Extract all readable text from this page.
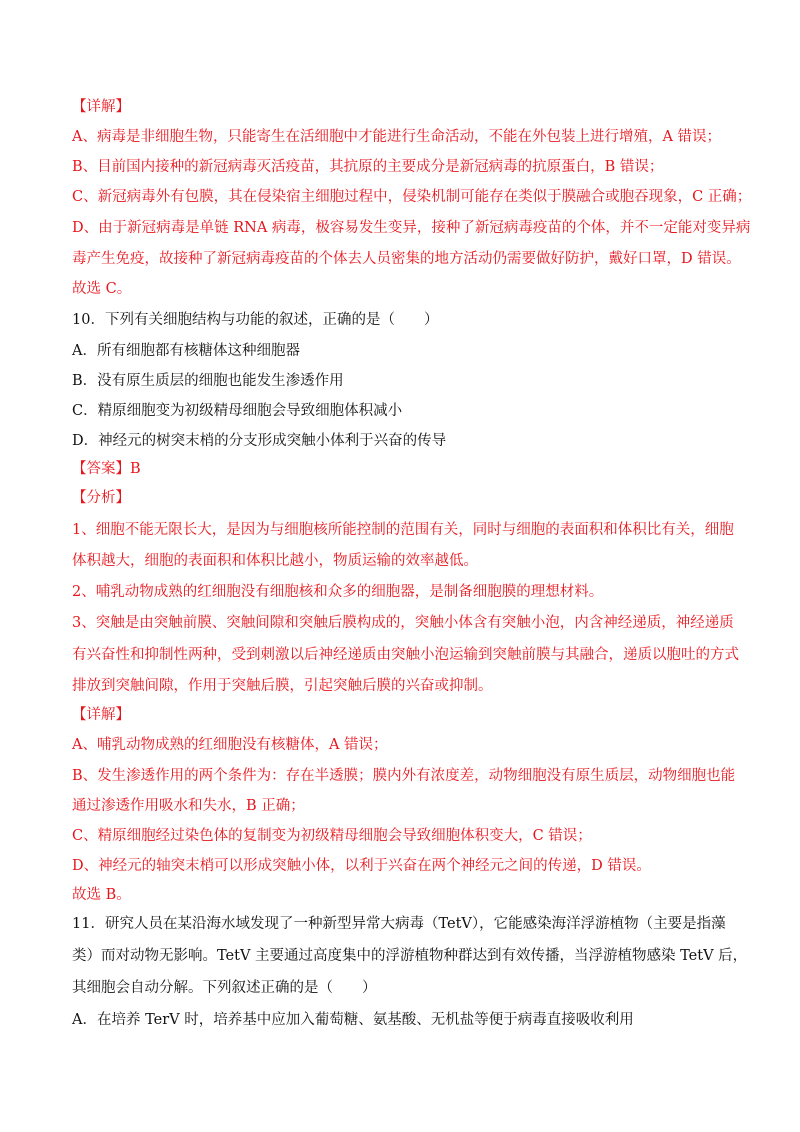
【详解】
A、病毒是非细胞生物，只能寄生在活细胞中才能进行生命活动，不能在外包装上进行增殖，A 错误；
B、目前国内接种的新冠病毒灭活疫苗，其抗原的主要成分是新冠病毒的抗原蛋白，B 错误；
C、新冠病毒外有包膜，其在侵染宿主细胞过程中，侵染机制可能存在类似于膜融合或胞吞现象，C 正确；
D、由于新冠病毒是单链 RNA 病毒，极容易发生变异，接种了新冠病毒疫苗的个体，并不一定能对变异病
毒产生免疫，故接种了新冠病毒疫苗的个体去人员密集的地方活动仍需要做好防护，戴好口罩，D 错误。
故选 C。
10．下列有关细胞结构与功能的叙述，正确的是（　　）
A．所有细胞都有核糖体这种细胞器
B．没有原生质层的细胞也能发生渗透作用
C．精原细胞变为初级精母细胞会导致细胞体积减小
D．神经元的树突末梢的分支形成突触小体利于兴奋的传导
【答案】B
【分析】
1、细胞不能无限长大，是因为与细胞核所能控制的范围有关，同时与细胞的表面积和体积比有关，细胞
体积越大，细胞的表面积和体积比越小，物质运输的效率越低。
2、哺乳动物成熟的红细胞没有细胞核和众多的细胞器，是制备细胞膜的理想材料。
3、突触是由突触前膜、突触间隙和突触后膜构成的，突触小体含有突触小泡，内含神经递质，神经递质
有兴奋性和抑制性两种，受到刺激以后神经递质由突触小泡运输到突触前膜与其融合，递质以胞吐的方式
排放到突触间隙，作用于突触后膜，引起突触后膜的兴奋或抑制。
【详解】
A、哺乳动物成熟的红细胞没有核糖体，A 错误；
B、发生渗透作用的两个条件为：存在半透膜；膜内外有浓度差，动物细胞没有原生质层，动物细胞也能
通过渗透作用吸水和失水，B 正确；
C、精原细胞经过染色体的复制变为初级精母细胞会导致细胞体积变大，C 错误；
D、神经元的轴突末梢可以形成突触小体，以利于兴奋在两个神经元之间的传递，D 错误。
故选 B。
11．研究人员在某沿海水域发现了一种新型异常大病毒（TetV），它能感染海洋浮游植物（主要是指藻
类）而对动物无影响。TetV 主要通过高度集中的浮游植物种群达到有效传播，当浮游植物感染 TetV 后，
其细胞会自动分解。下列叙述正确的是（　　）
A．在培养 TerV 时，培养基中应加入葡萄糖、氨基酸、无机盐等便于病毒直接吸收利用
